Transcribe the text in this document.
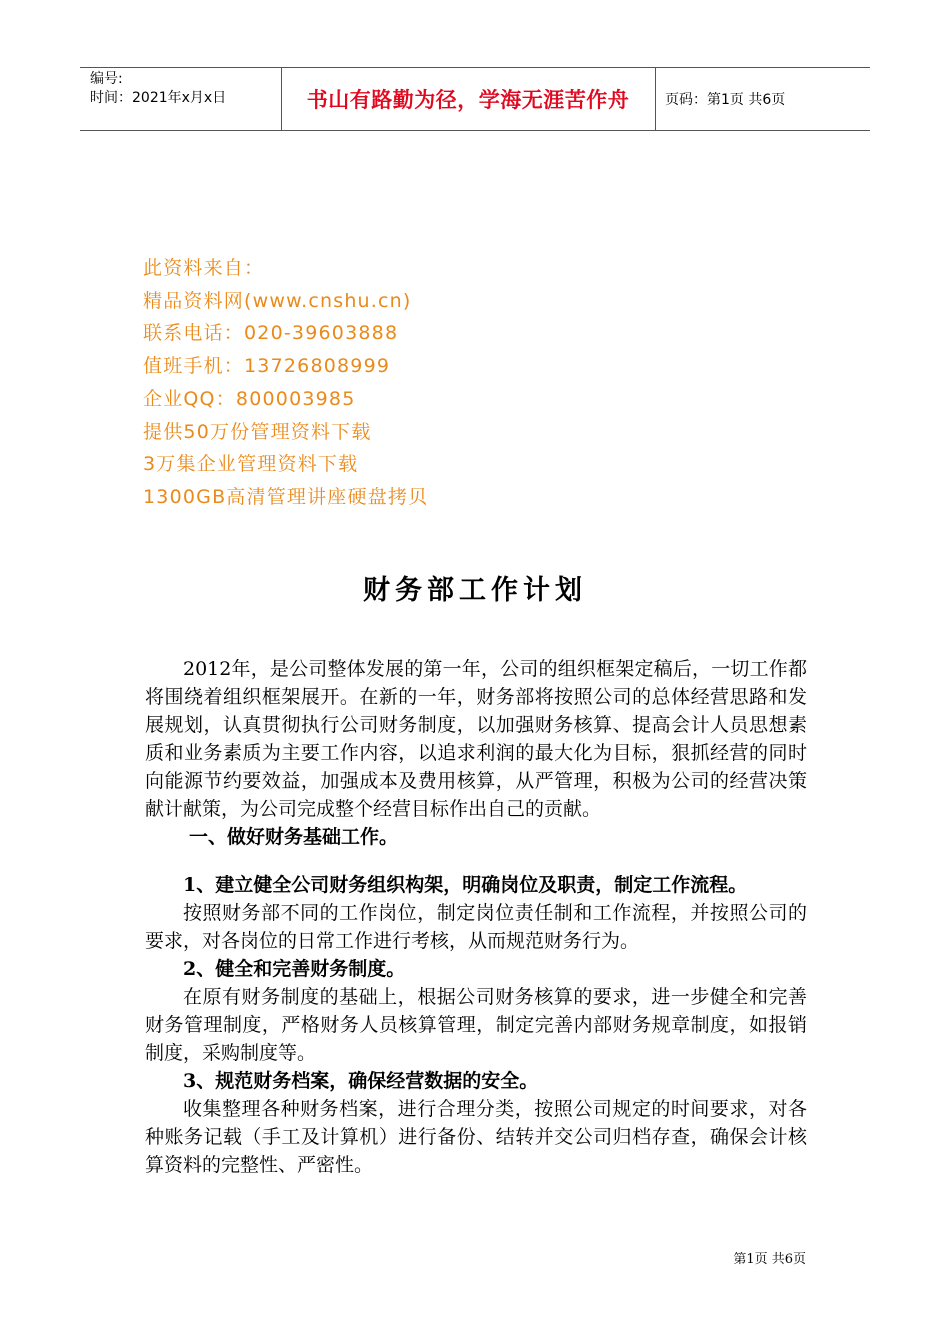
编号:
时间：2021年x月x日	书山有路勤为径，学海无涯苦作舟	页码：第1页 共6页
此资料来自：
精品资料网(www.cnshu.cn)
联系电话：020-39603888
值班手机：13726808999
企业QQ：800003985
提供50万份管理资料下载
3万集企业管理资料下载
1300GB高清管理讲座硬盘拷贝
财务部工作计划

2012年，是公司整体发展的第一年，公司的组织框架定稿后，一切工作都将围绕着组织框架展开。在新的一年，财务部将按照公司的总体经营思路和发展规划，认真贯彻执行公司财务制度，以加强财务核算、提高会计人员思想素质和业务素质为主要工作内容，以追求利润的最大化为目标，狠抓经营的同时向能源节约要效益，加强成本及费用核算，从严管理，积极为公司的经营决策献计献策，为公司完成整个经营目标作出自己的贡献。

一、做好财务基础工作。

1、建立健全公司财务组织构架，明确岗位及职责，制定工作流程。

按照财务部不同的工作岗位，制定岗位责任制和工作流程，并按照公司的要求，对各岗位的日常工作进行考核，从而规范财务行为。

2、健全和完善财务制度。

在原有财务制度的基础上，根据公司财务核算的要求，进一步健全和完善财务管理制度，严格财务人员核算管理，制定完善内部财务规章制度，如报销制度，采购制度等。

3、规范财务档案，确保经营数据的安全。

收集整理各种财务档案，进行合理分类，按照公司规定的时间要求，对各种账务记载（手工及计算机）进行备份、结转并交公司归档存查，确保会计核算资料的完整性、严密性。

第1页 共6页
